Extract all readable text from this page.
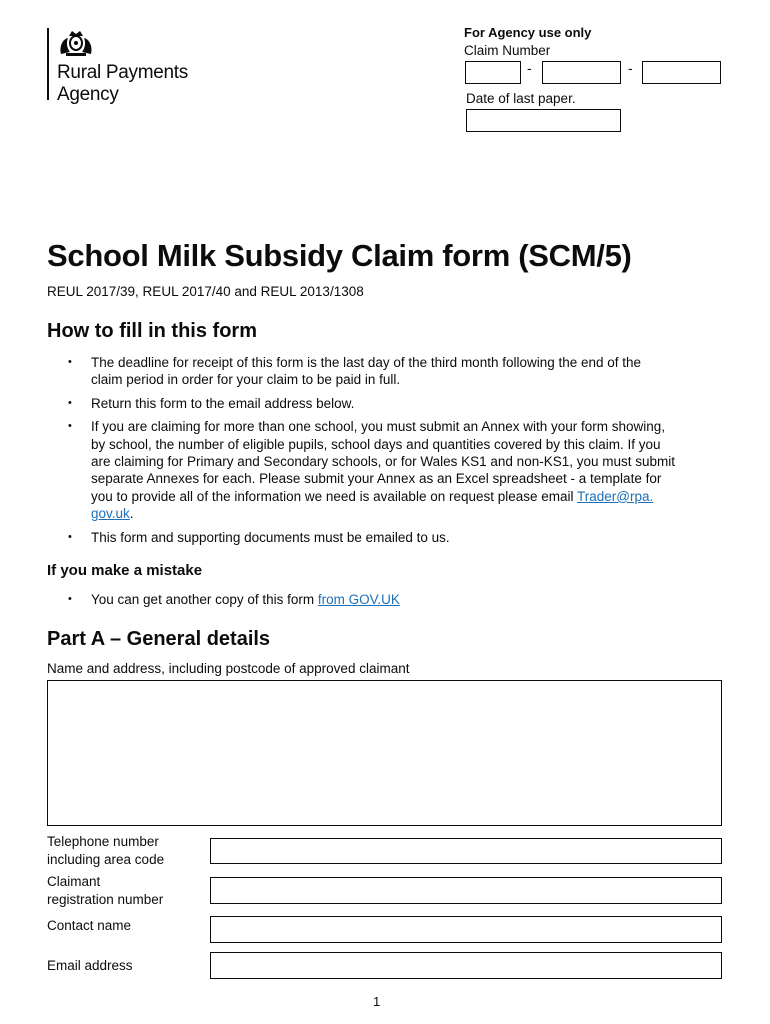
Rural Payments
Agency
For Agency use only
Claim Number
-	-
Date of last paper.
School Milk Subsidy Claim form (SCM/5)
REUL 2017/39, REUL 2017/40 and REUL 2013/1308
How to fill in this form
• The deadline for receipt of this form is the last day of the third month following the end of the
claim period in order for your claim to be paid in full.
• Return this form to the email address below.
• If you are claiming for more than one school, you must submit an Annex with your form showing,
by school, the number of eligible pupils, school days and quantities covered by this claim. If you
are claiming for Primary and Secondary schools, or for Wales KS1 and non-KS1, you must submit
separate Annexes for each. Please submit your Annex as an Excel spreadsheet - a template for
you to provide all of the information we need is available on request please email Trader@rpa.
gov.uk.
• This form and supporting documents must be emailed to us.
If you make a mistake
• You can get another copy of this form from GOV.UK
Part A – General details
Name and address, including postcode of approved claimant
Telephone number
including area code
Claimant
registration number
Contact name
Email address
1
